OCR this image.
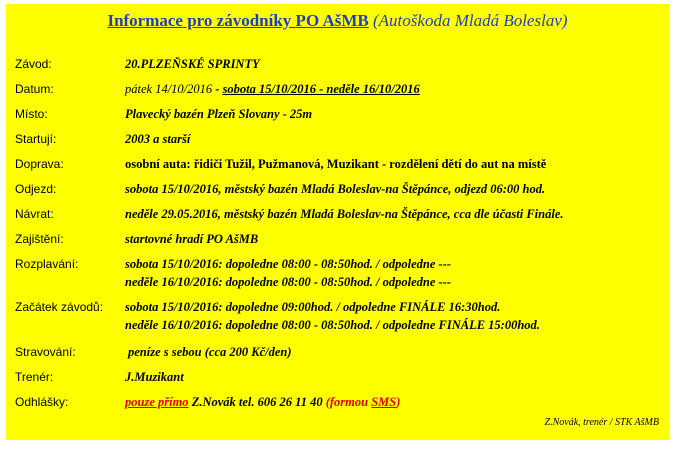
Informace pro závodníky PO AšMB (Autoškoda Mladá Boleslav)
Závod:	20.PLZEŇSKÉ SPRINTY
Datum:	pátek 14/10/2016 - sobota 15/10/2016 - neděle 16/10/2016
Místo:	Plavecký bazén Plzeň Slovany - 25m
Startují:	2003 a starší
Doprava:	osobní auta: řidiči Tužil, Pužmanová, Muzikant - rozdělení dětí do aut na místě
Odjezd:	sobota 15/10/2016, městský bazén Mladá Boleslav-na Štěpánce, odjezd 06:00 hod.
Návrat:	neděle 29.05.2016, městský bazén Mladá Boleslav-na Štěpánce, cca dle účasti Finále.
Zajištění:	startovné hradí PO AšMB
Rozplavání:	sobota 15/10/2016: dopoledne 08:00 - 08:50hod. / odpoledne ---
neděle 16/10/2016: dopoledne 08:00 - 08:50hod. / odpoledne ---
Začátek závodů: sobota 15/10/2016: dopoledne 09:00hod. / odpoledne FINÁLE 16:30hod.
neděle 16/10/2016: dopoledne 08:00 - 08:50hod. / odpoledne FINÁLE 15:00hod.
Stravování:	peníze s sebou (cca 200 Kč/den)
Trenér:	J.Muzikant
Odhlášky:	pouze přímo Z.Novák tel. 606 26 11 40 (formou SMS)
Z.Novák, trenér / STK AšMB
